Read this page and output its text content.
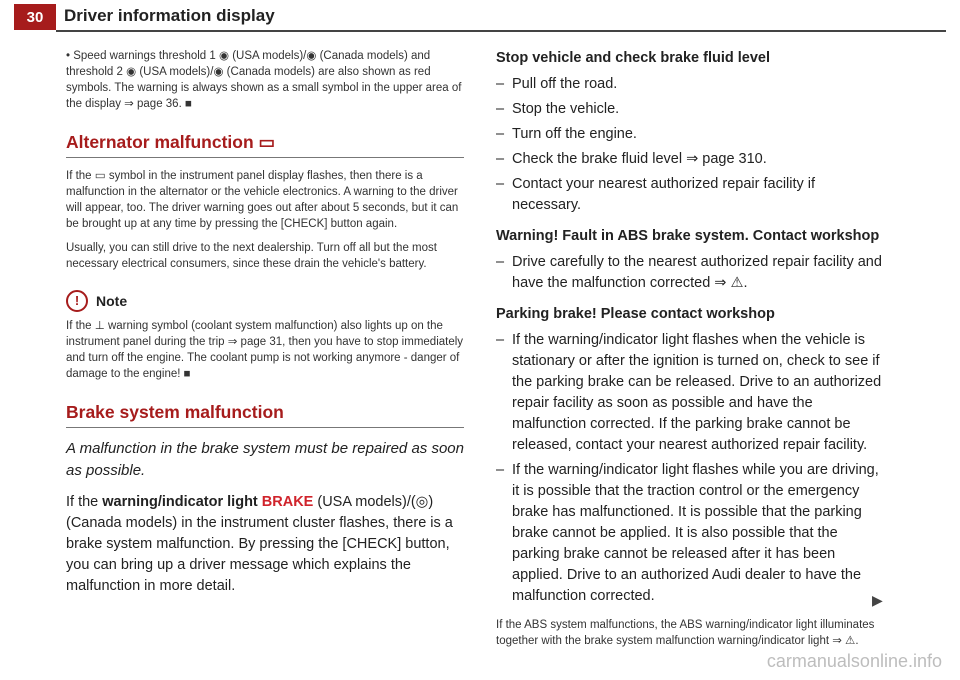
30	Driver information display

• Speed warnings threshold 1 ◉ (USA models)/◉ (Canada models) and threshold 2 ◉ (USA models)/◉ (Canada models) are also shown as red symbols. The warning is always shown as a small symbol in the upper area of the display ⇒ page 36. ■

Alternator malfunction ▭

If the ▭ symbol in the instrument panel display flashes, then there is a malfunction in the alternator or the vehicle electronics. A warning to the driver will appear, too. The driver warning goes out after about 5 seconds, but it can be brought up at any time by pressing the [CHECK] button again.

Usually, you can still drive to the next dealership. Turn off all but the most necessary electrical consumers, since these drain the vehicle's battery.

!	Note

If the ⊥ warning symbol (coolant system malfunction) also lights up on the instrument panel during the trip ⇒ page 31, then you have to stop immediately and turn off the engine. The coolant pump is not working anymore - danger of damage to the engine! ■

Brake system malfunction

A malfunction in the brake system must be repaired as soon as possible.

If the warning/indicator light BRAKE (USA models)/(◎) (Canada models) in the instrument cluster flashes, there is a brake system malfunction. By pressing the [CHECK] button, you can bring up a driver message which explains the malfunction in more detail.

Stop vehicle and check brake fluid level
– Pull off the road.
– Stop the vehicle.
– Turn off the engine.
– Check the brake fluid level ⇒ page 310.
– Contact your nearest authorized repair facility if necessary.
Warning! Fault in ABS brake system. Contact workshop
– Drive carefully to the nearest authorized repair facility and have the malfunction corrected ⇒ ⚠.
Parking brake! Please contact workshop
– If the warning/indicator light flashes when the vehicle is stationary or after the ignition is turned on, check to see if the parking brake can be released. Drive to an authorized repair facility as soon as possible and have the malfunction corrected. If the parking brake cannot be released, contact your nearest authorized repair facility.
– If the warning/indicator light flashes while you are driving, it is possible that the traction control or the emergency brake has malfunctioned. It is possible that the parking brake cannot be applied. It is also possible that the parking brake cannot be released after it has been applied. Drive to an authorized Audi dealer to have the malfunction corrected.

If the ABS system malfunctions, the ABS warning/indicator light illuminates together with the brake system malfunction warning/indicator light ⇒ ⚠.

▶
carmanualsonline.info
